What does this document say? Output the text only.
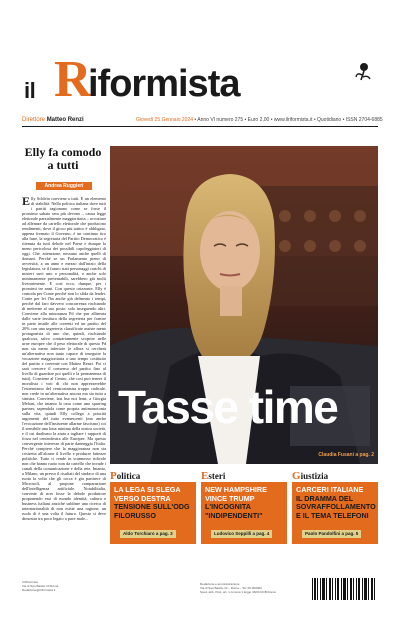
il R
iformista
Direttore Matteo Renzi	Giovedì 25 Gennaio 2024 • Anno VI numero 275 • Euro 2,00 • www.ilriformista.it • Quotidiano • ISSN 2704-6885
Elly fa comodo a tutti
Andrea Ruggieri
Elly Schlein conviene a tutti. E un elemento di stabilità. Nella politica italiana dove tutti i partiti ragionano come se fosse il prossimo sabato sera più devono – causa legge elettorale parzialmente maggioritaria – accoziare ad alleanze da cartello elettorale che producono rendimenti, dove il gioco più tattico è obbligato, appena formato il Governo, è un continuo tiro alla fune, la segretaria del Partito Democratico è ritenuta da tutti debole nel Paese e dunque la meno pericolosa dei possibili capoleggiatori di oggi. Che, attenzione, nessuno anche quelli di domani. Perché se un Parlamento pieno di avversità, a un anno e mezzo dall'inizio della legislatura, se il futuro stati personaggi carichi di misteri suoi uno o personalità, o anche solo minimamente presentabili, sarebbero già molti liverarimente. E così ecco, dunque, per i prossimi tre anni. Con questo orizzonte, Elly è comoda per Conte perché non lo sfida da leader. Conte per lei l'ha anche già delineato i tempi, perché dal faro davvero concorrenza rischiando di metterne al suo posto: solo inseguendo altri. Conviene alla minoranza Pd che pur allineata dalle varie tessitura della segreteria per fornire in parte inutile alle correnti ed un partito del 20% con una segreteria classificate assiste meno protagonista di uno che, quindi, rischiando qualcosa, salvo contrariamente scoprire nelle urne europee che il peso elettorale di questo Pd non sia meno inferiore (e allora si cercherà un'alternativa non tanto capace di inseguire la vocazione maggioritaria a uno tempo costituito del partito e coerente con Matteo Renzi. Poi ci sarà crescere il consenso del partito fino al livello di guardare poi quelli e la permanenza di tutti). Conviene al Centro, che così può tenere il moralista i voti di chi non apprezzerebbe l'estremismo del centrosinistra troppo radicale, non crede in un'alternativa ancora ma sta tutta a sinistra. Conviene, last but not least, a Giorgia Meloni, che intanto la ossa come uno sparring partner, sapendola come propria antimonotonia sulla vita, quindi Elly collega a priorità argomenti del tutto evanescenti (ma anche l'evocazione dell'insistente allarme fascismo) coi il sensibile una lotta minima della nostra società, e il cui dualismo la aiuta a tagliare i rapporti di forza nel centrodestra alle Europee. Ma questo convergente interesse di parte danneggia l'Italia. Perché compiere che la maggioranza non sia costretta all'alcune il livello e produrre fattezze politiche. Tutto ci rende in scannosso ridicole non che hanno ruoto non da cartello che invade i canali della comunicazione e della rete. Intanto, a Milano, un presso il risultati del sindaco di una ruota la volta che gli tocca è gia partirere di Microsoft, al propone comparazione dell'intelligenza artificiale. Notabilitalia, convinte di non fosse la debole produttore proponendo essi di mondo identità, cultura e business italiani anziché sublime una ricerca di internazionalità di non esiste una ragione, un ruolo di è una volta il futuro. Questo si deve dimostra tra poco legato a pace male...
Tasse time
Claudia Fusani a pag. 2
Politica
LA LEGA SI SLEGA VERSO DESTRA
TENSIONE SULL'ODG FILORUSSO
Aldo Torchiaro a pag. 3
Esteri
NEW HAMPSHIRE VINCE TRUMP
L'INCOGNITA "INDIPENDENTI"
Ludovico Seppilli a pag. 4
Giustizia
CARCERI ITALIANE
IL DRAMMA DEL SOVRAFFOLLAMENTO E IL TEMA TELEFONI
Paolo Pandolfini a pag. 5
Il Riformista
Via di San Basilio 10 Roma
Redazione@ilriformista.it
Redazione e amministrazione
Via di San Basilio 10 – Roma – Tel: 06 000000
Sped. abb. Post. art. 1 comma 1 legge 46/04 DCB Roma
